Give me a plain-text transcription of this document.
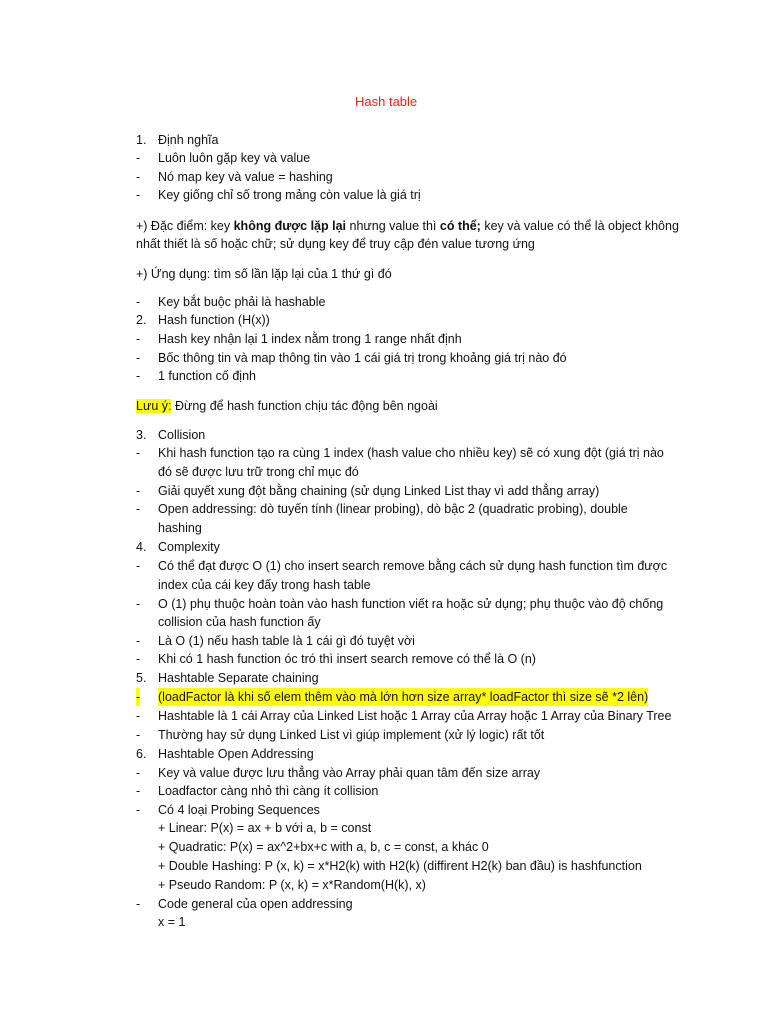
Hash table
1. Định nghĩa
- Luôn luôn gặp key và value
- Nó map key và value = hashing
- Key giống chỉ số trong mảng còn value là giá trị
+) Đặc điểm: key không được lặp lại nhưng value thì có thể; key và value có thể là object không
nhất thiết là số hoặc chữ; sử dụng key để truy cập đén value tương ứng
+) Ứng dụng: tìm số lần lặp lại của 1 thứ gì đó
- Key bắt buộc phải là hashable
2. Hash function (H(x))
- Hash key nhận lại 1 index nằm trong 1 range nhất định
- Bốc thông tin và map thông tin vào 1 cái giá trị trong khoảng giá trị nào đó
- 1 function cố định
Lưu ý: Đừng để hash function chịu tác động bên ngoài
3. Collision
- Khi hash function tạo ra cùng 1 index (hash value cho nhiều key) sẽ có xung đột (giá trị nào
đó sẽ được lưu trữ trong chỉ mục đó
- Giải quyết xung đột bằng chaining (sử dụng Linked List thay vì add thẳng array)
- Open addressing: dò tuyến tính (linear probing), dò bậc 2 (quadratic probing), double
hashing
4. Complexity
- Có thể đạt được O (1) cho insert search remove bằng cách sử dụng hash function tìm được
index của cái key đấy trong hash table
- O (1) phụ thuộc hoàn toàn vào hash function viết ra hoặc sử dụng; phụ thuộc vào độ chống
collision của hash function ấy
- Là O (1) nếu hash table là 1 cái gì đó tuyệt vời
- Khi có 1 hash function óc tró thì insert search remove có thể là O (n)
5. Hashtable Separate chaining
- (loadFactor là khi số elem thêm vào mà lớn hơn size array* loadFactor thì size sẽ *2 lên)
- Hashtable là 1 cái Array của Linked List hoặc 1 Array của Array hoặc 1 Array của Binary Tree
- Thường hay sử dụng Linked List vì giúp implement (xử lý logic) rất tốt
6. Hashtable Open Addressing
- Key và value được lưu thẳng vào Array phải quan tâm đến size array
- Loadfactor càng nhỏ thì càng ít collision
- Có 4 loại Probing Sequences
+ Linear: P(x) = ax + b với a, b = const
+ Quadratic: P(x) = ax^2+bx+c with a, b, c = const, a khác 0
+ Double Hashing: P (x, k) = x*H2(k) with H2(k) (diffirent H2(k) ban đầu) is hashfunction
+ Pseudo Random: P (x, k) = x*Random(H(k), x)
- Code general của open addressing
x = 1
